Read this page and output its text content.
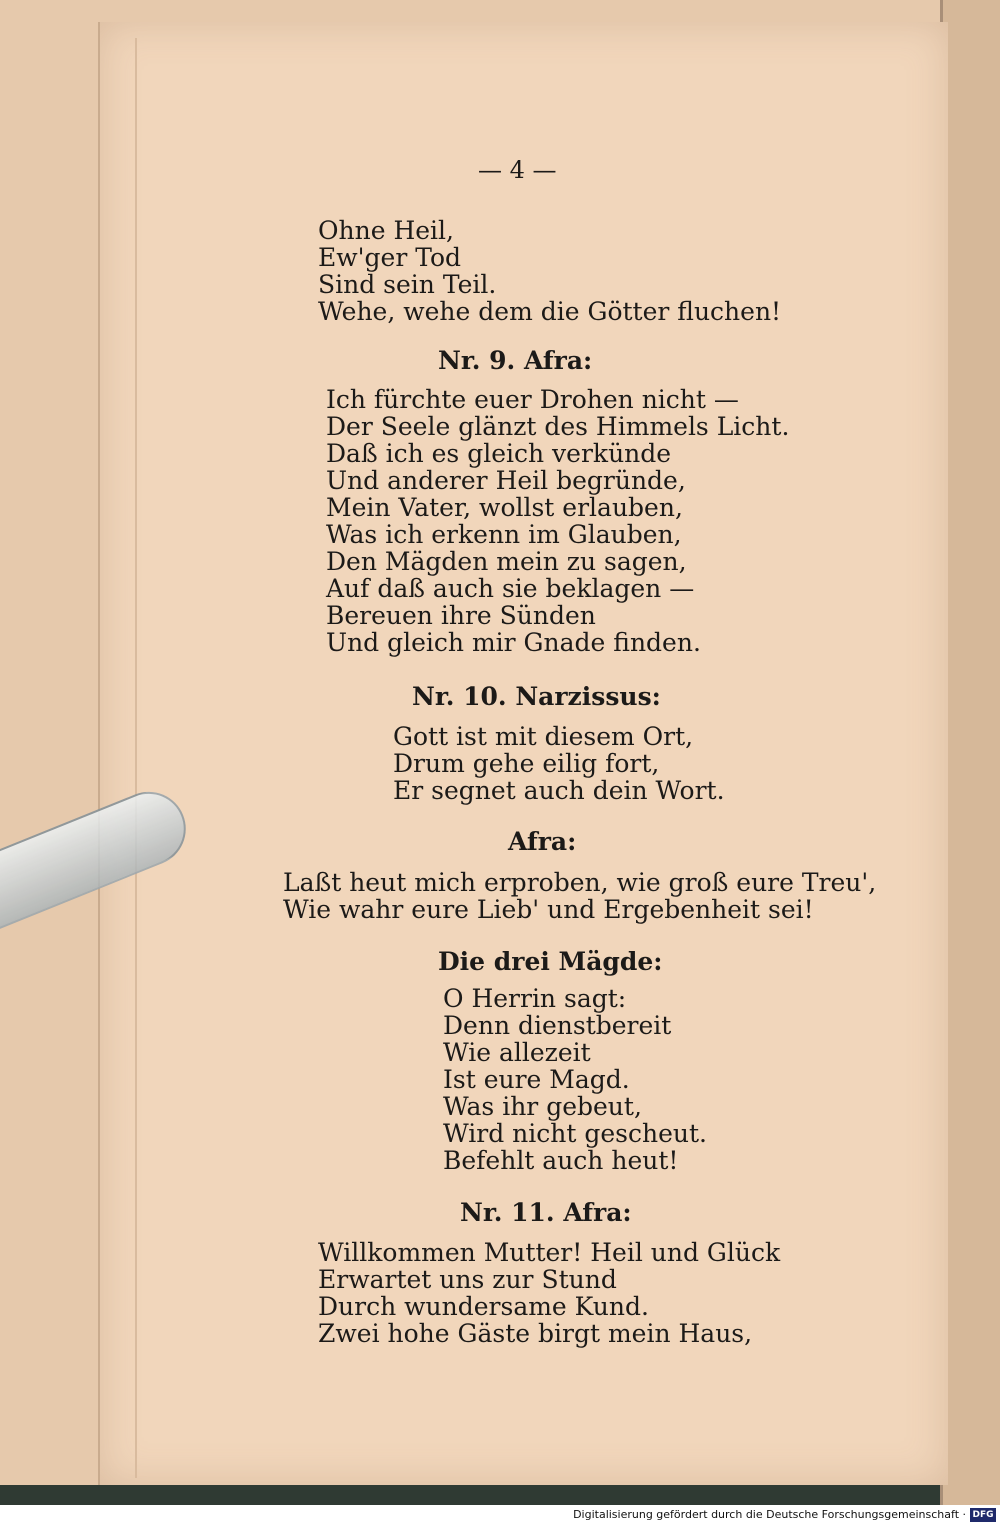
— 4 —
Ohne Heil,
Ew'ger Tod
Sind sein Teil.
Wehe, wehe dem die Götter fluchen!
Nr. 9. Afra:
Ich fürchte euer Drohen nicht —
Der Seele glänzt des Himmels Licht.
Daß ich es gleich verkünde
Und anderer Heil begründe,
Mein Vater, wollst erlauben,
Was ich erkenn im Glauben,
Den Mägden mein zu sagen,
Auf daß auch sie beklagen —
Bereuen ihre Sünden
Und gleich mir Gnade finden.
Nr. 10. Narzissus:
Gott ist mit diesem Ort,
Drum gehe eilig fort,
Er segnet auch dein Wort.
Afra:
Laßt heut mich erproben, wie groß eure Treu',
Wie wahr eure Lieb' und Ergebenheit sei!
Die drei Mägde:
O Herrin sagt:
Denn dienstbereit
Wie allezeit
Ist eure Magd.
Was ihr gebeut,
Wird nicht gescheut.
Befehlt auch heut!
Nr. 11. Afra:
Willkommen Mutter! Heil und Glück
Erwartet uns zur Stund
Durch wundersame Kund.
Zwei hohe Gäste birgt mein Haus,
Digitalisierung gefördert durch die Deutsche Forschungsgemeinschaft · DFG
